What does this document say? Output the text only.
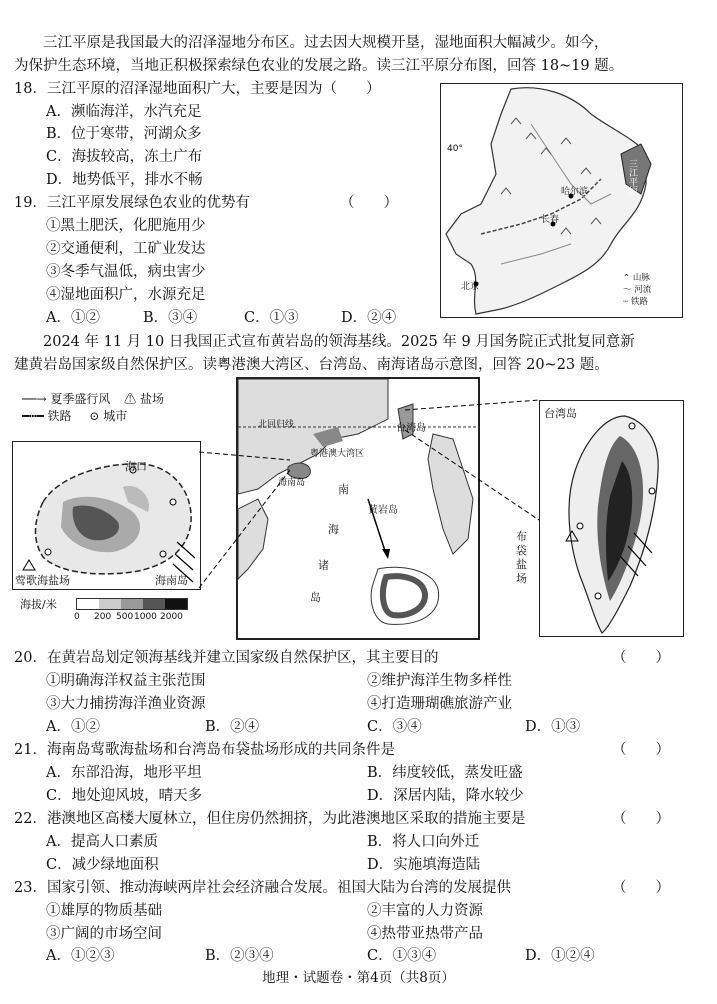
　　三江平原是我国最大的沼泽湿地分布区。过去因大规模开垦，湿地面积大幅减少。如今，
为保护生态环境，当地正积极探索绿色农业的发展之路。读三江平原分布图，回答 18~19 题。
18．三江平原的沼泽湿地面积广大，主要是因为（　　）
A．濒临海洋，水汽充足
B．位于寒带，河湖众多
C．海拔较高，冻土广布
D．地势低平，排水不畅
19．三江平原发展绿色农业的优势有	（　　）
①黑土肥沃，化肥施用少
②交通便利，工矿业发达
③冬季气温低，病虫害少
④湿地面积广，水源充足
A．①②	B．③④	C．①③	D．②④
三江平原
哈尔滨
长春
北京
40°
⌃ 山脉
～ 河流
┄ 铁路
　　2024 年 11 月 10 日我国正式宣布黄岩岛的领海基线。2025 年 9 月国务院正式批复同意新
建黄岩岛国家级自然保护区。读粤港澳大湾区、台湾岛、南海诸岛示意图，回答 20~23 题。
──→ 夏季盛行风 ⚠ 盐场
━┅━ 铁路 ⊙ 城市
海口
莺歌海盐场	海南岛
海拔/米
0 200 500 1000 2000
北回归线
粤港澳大湾区
台湾岛
海南岛
黄岩岛
南
海
诸
岛
台湾岛
布
袋
盐
场
20．在黄岩岛划定领海基线并建立国家级自然保护区，其主要目的	（　　）
①明确海洋权益主张范围	②维护海洋生物多样性
③大力捕捞海洋渔业资源	④打造珊瑚礁旅游产业
A．①②	B．②④	C．③④	D．①③
21．海南岛莺歌海盐场和台湾岛布袋盐场形成的共同条件是	（　　）
A．东部沿海，地形平坦	B．纬度较低，蒸发旺盛
C．地处迎风坡，晴天多	D．深居内陆，降水较少
22．港澳地区高楼大厦林立，但住房仍然拥挤，为此港澳地区采取的措施主要是	（　　）
A．提高人口素质	B．将人口向外迁
C．减少绿地面积	D．实施填海造陆
23．国家引领、推动海峡两岸社会经济融合发展。祖国大陆为台湾的发展提供	（　　）
①雄厚的物质基础	②丰富的人力资源
③广阔的市场空间	④热带亚热带产品
A．①②③	B．②③④	C．①③④	D．①②④
地理・试题卷・第4页（共8页）
